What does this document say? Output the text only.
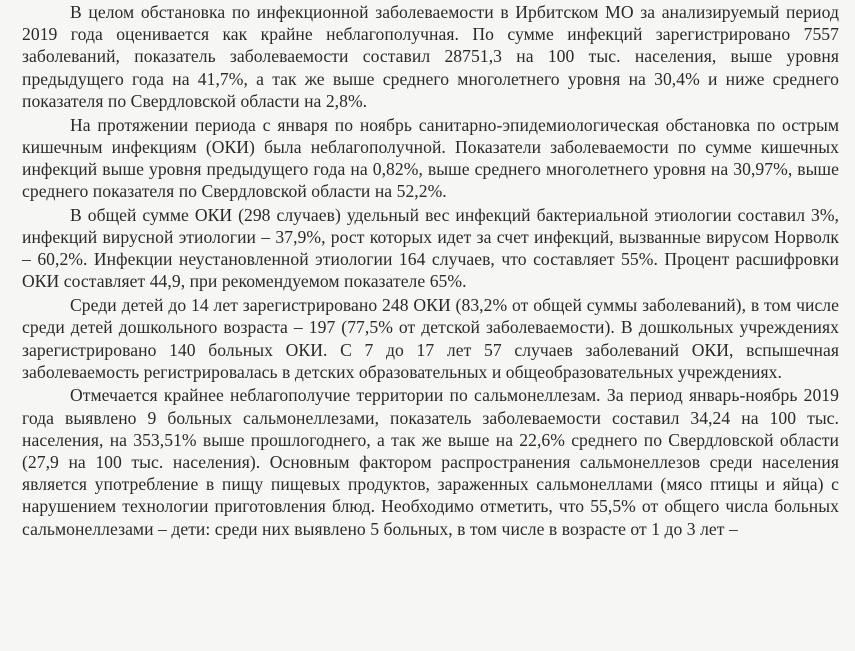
В целом обстановка по инфекционной заболеваемости в Ирбитском МО за анализируемый период 2019 года оценивается как крайне неблагополучная. По сумме инфекций зарегистрировано 7557 заболеваний, показатель заболеваемости составил 28751,3 на 100 тыс. населения, выше уровня предыдущего года на 41,7%, а так же выше среднего многолетнего уровня на 30,4% и ниже среднего показателя по Свердловской области на 2,8%.

На протяжении периода с января по ноябрь санитарно-эпидемиологическая обстановка по острым кишечным инфекциям (ОКИ) была неблагополучной. Показатели заболеваемости по сумме кишечных инфекций выше уровня предыдущего года на 0,82%, выше среднего многолетнего уровня на 30,97%, выше среднего показателя по Свердловской области на 52,2%.

В общей сумме ОКИ (298 случаев) удельный вес инфекций бактериальной этиологии составил 3%, инфекций вирусной этиологии – 37,9%, рост которых идет за счет инфекций, вызванные вирусом Норволк – 60,2%. Инфекции неустановленной этиологии 164 случаев, что составляет 55%. Процент расшифровки ОКИ составляет 44,9, при рекомендуемом показателе 65%.

Среди детей до 14 лет зарегистрировано 248 ОКИ (83,2% от общей суммы заболеваний), в том числе среди детей дошкольного возраста – 197 (77,5% от детской заболеваемости). В дошкольных учреждениях зарегистрировано 140 больных ОКИ. С 7 до 17 лет 57 случаев заболеваний ОКИ, вспышечная заболеваемость регистрировалась в детских образовательных и общеобразовательных учреждениях.

Отмечается крайнее неблагополучие территории по сальмонеллезам. За период январь-ноябрь 2019 года выявлено 9 больных сальмонеллезами, показатель заболеваемости составил 34,24 на 100 тыс. населения, на 353,51% выше прошлогоднего, а так же выше на 22,6% среднего по Свердловской области (27,9 на 100 тыс. населения). Основным фактором распространения сальмонеллезов среди населения является употребление в пищу пищевых продуктов, зараженных сальмонеллами (мясо птицы и яйца) с нарушением технологии приготовления блюд. Необходимо отметить, что 55,5% от общего числа больных сальмонеллезами – дети: среди них выявлено 5 больных, в том числе в возрасте от 1 до 3 лет –
